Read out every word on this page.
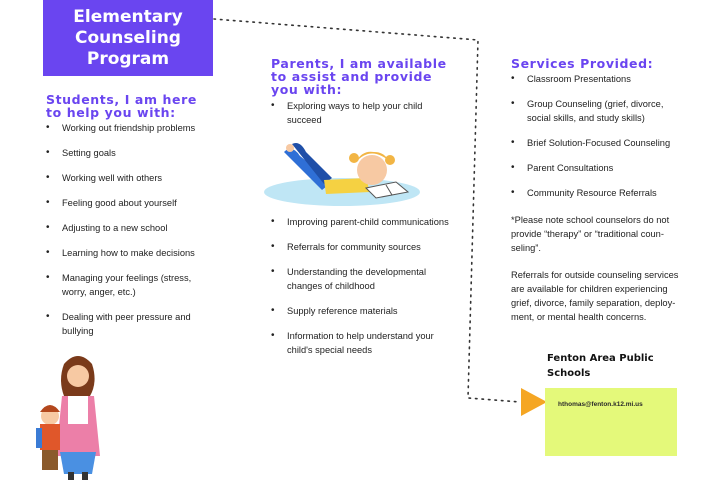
Elementary
Counseling
Program
Students, I am here
to help you with:
• Working out friendship problems
• Setting goals
• Working well with others
• Feeling good about yourself
• Adjusting to a new school
• Learning how to make decisions
• Managing your feelings (stress, worry, anger, etc.)
• Dealing with peer pressure and bullying
Parents, I am available
to assist and provide
you with:
• Exploring ways to help your child succeed
• Improving parent-child communications
• Referrals for community sources
• Understanding the developmental changes of childhood
• Supply reference materials
• Information to help understand your child's special needs
Services Provided:
• Classroom Presentations
• Group Counseling (grief, divorce, social skills, and study skills)
• Brief Solution-Focused Counseling
• Parent Consultations
• Community Resource Referrals
*Please note school counselors do not provide “therapy” or “traditional coun-seling”.
Referrals for outside counseling services are available for children experiencing grief, divorce, family separation, deploy-ment, or mental health concerns.
Fenton Area Public Schools
hthomas@fenton.k12.mi.us
